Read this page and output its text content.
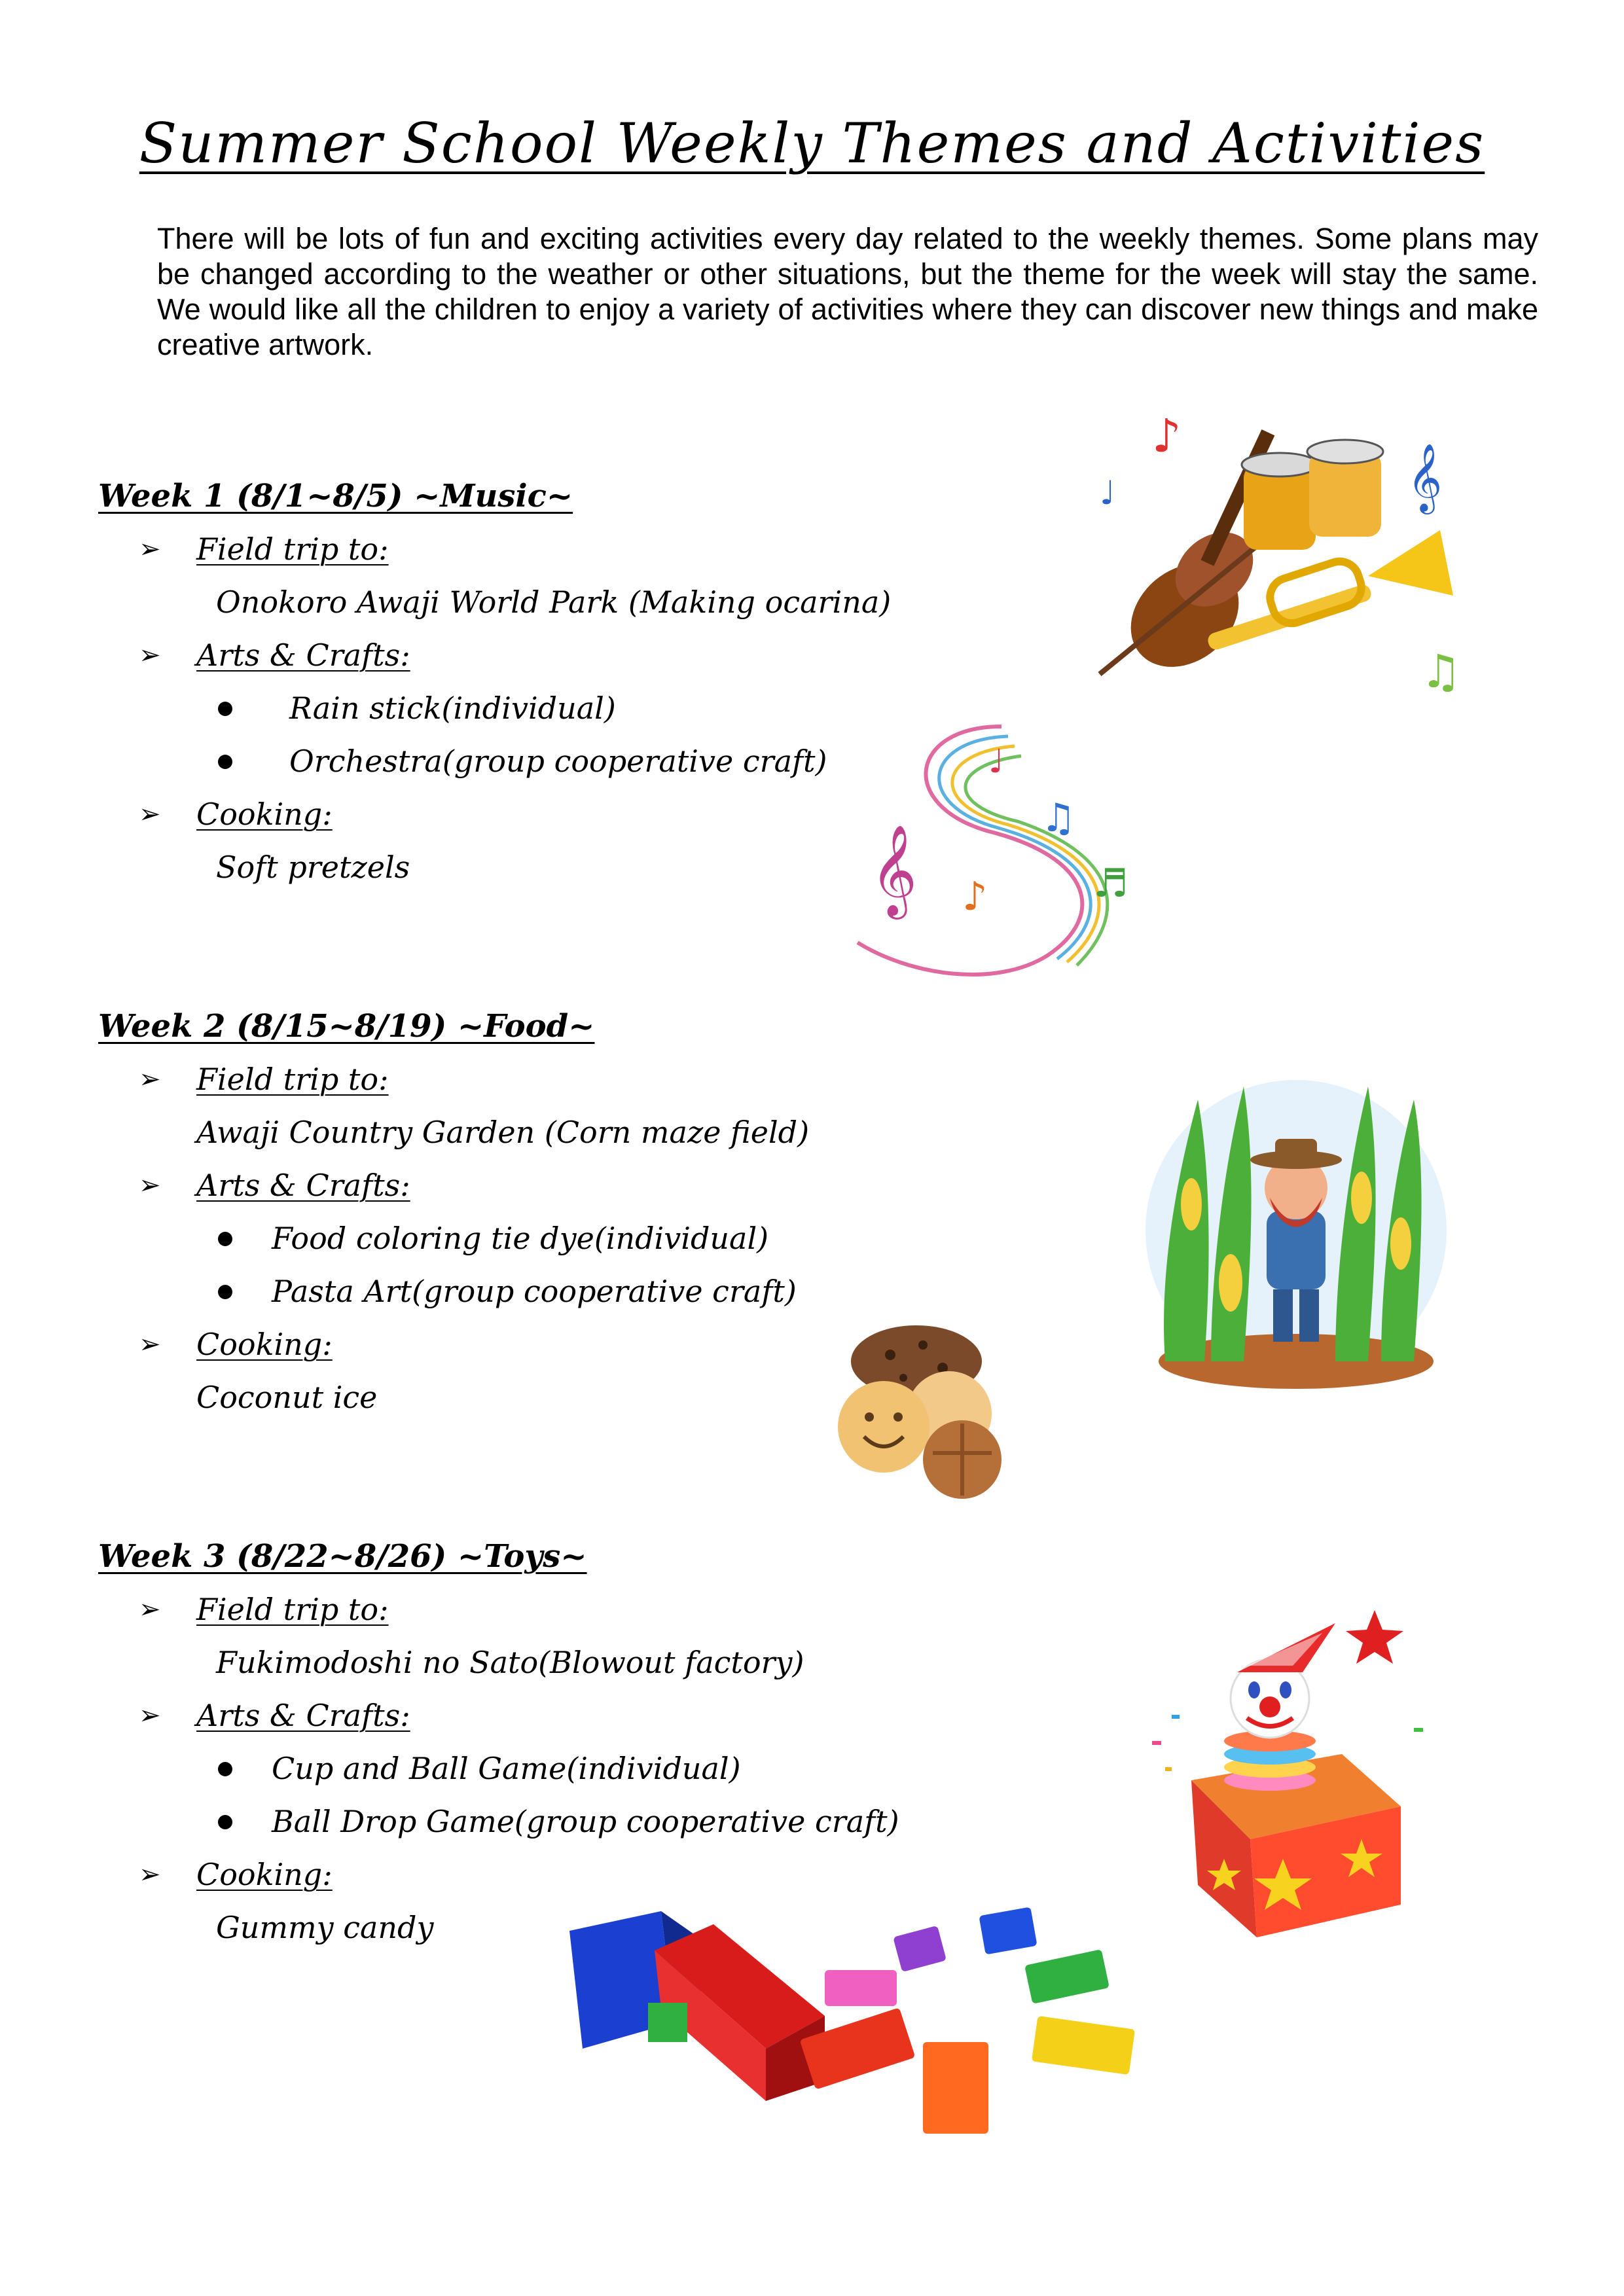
Summer School Weekly Themes and Activities

There will be lots of fun and exciting activities every day related to the weekly themes. Some plans may be changed according to the weather or other situations, but the theme for the week will stay the same. We would like all the children to enjoy a variety of activities where they can discover new things and make creative artwork.

Week 1 (8/1~8/5) ~Music~
➢ Field trip to:
Onokoro Awaji World Park (Making ocarina)
➢ Arts & Crafts:
Rain stick(individual)
Orchestra(group cooperative craft)
➢ Cooking:
Soft pretzels
Week 2 (8/15~8/19) ~Food~
➢ Field trip to:
Awaji Country Garden (Corn maze field)
➢ Arts & Crafts:
Food coloring tie dye(individual)
Pasta Art(group cooperative craft)
➢ Cooking:
Coconut ice
Week 3 (8/22~8/26) ~Toys~
➢ Field trip to:
Fukimodoshi no Sato(Blowout factory)
➢ Arts & Crafts:
Cup and Ball Game(individual)
Ball Drop Game(group cooperative craft)
➢ Cooking:
Gummy candy
♪
𝄞
♫
♩
𝄞 ♪
♫
♬
♩
